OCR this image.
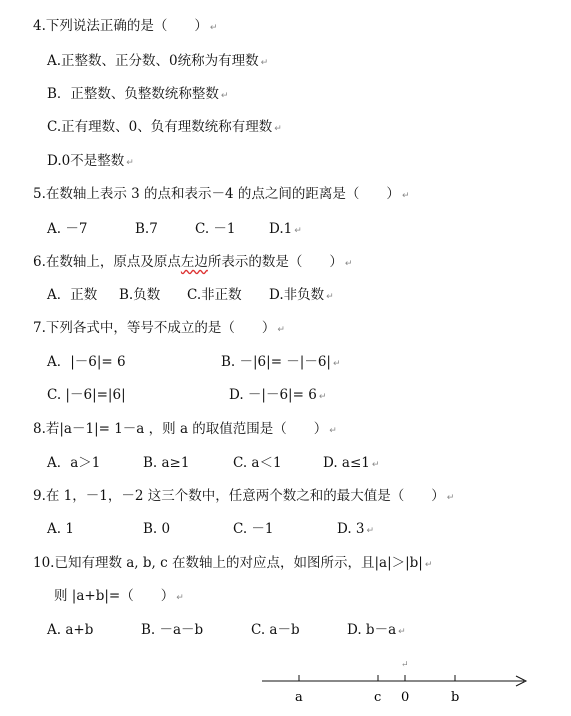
4.下列说法正确的是（　　） ↵
A.正整数、正分数、0统称为有理数 ↵
B．正整数、负整数统称整数 ↵
C.正有理数、0、负有理数统称有理数 ↵
D.0不是整数 ↵
5.在数轴上表示 3 的点和表示－4 的点之间的距离是（　　） ↵
A. －7	B.7	C. －1 D.1 ↵
6.在数轴上，原点及原点左边所表示的数是（　　） ↵
A．正数 B.负数 C.非正数 D.非负数 ↵
7.下列各式中，等号不成立的是（　　） ↵
A．|－6|= 6	B. －|6|= －|－6| ↵
C. |－6|=|6|	D. －|－6|= 6 ↵
8.若|a－1|= 1－a ，则 a 的取值范围是（　　） ↵
A．a＞1	B. a≥1	C. a＜1	D. a≤1 ↵
9.在 1，－1，－2 这三个数中，任意两个数之和的最大值是（　　） ↵
A. 1	B. 0	C. －1	D. 3 ↵
10.已知有理数 a, b, c 在数轴上的对应点，如图所示，且|a|＞|b| ↵
则 |a+b|=（　　） ↵
A. a+b	B. －a－b	C. a－b	D. b－a ↵
↵
a	c 0	b
